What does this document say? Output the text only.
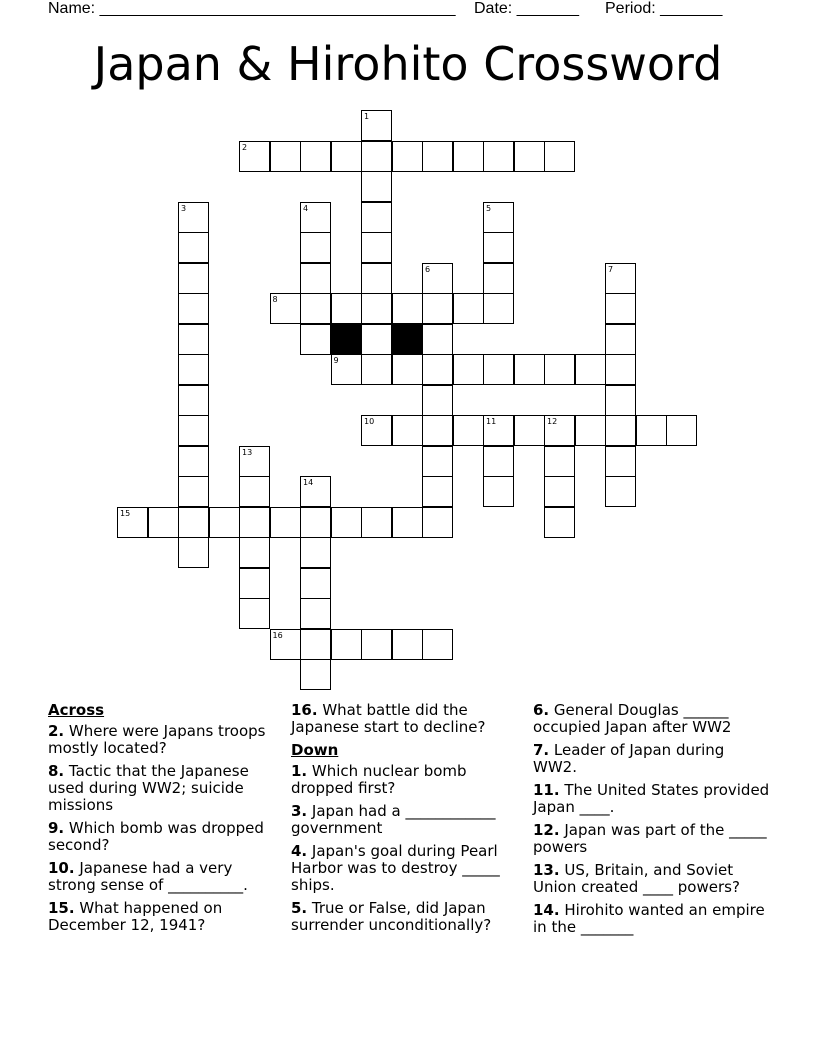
Name: ________________________________________ Date: _______ Period: _______
Japan & Hirohito Crossword
1
2
3	4	5
6	7
8
9
10	11	12
13
14
15
16
Across
2. Where were Japans troops mostly located?
8. Tactic that the Japanese used during WW2; suicide missions
9. Which bomb was dropped second?
10. Japanese had a very strong sense of __________.
15. What happened on December 12, 1941?
16. What battle did the Japanese start to decline?
Down
1. Which nuclear bomb dropped first?
3. Japan had a ____________ government
4. Japan's goal during Pearl Harbor was to destroy _____ ships.
5. True or False, did Japan surrender unconditionally?
6. General Douglas ______ occupied Japan after WW2
7. Leader of Japan during WW2.
11. The United States provided Japan ____.
12. Japan was part of the _____ powers
13. US, Britain, and Soviet Union created ____ powers?
14. Hirohito wanted an empire in the _______
